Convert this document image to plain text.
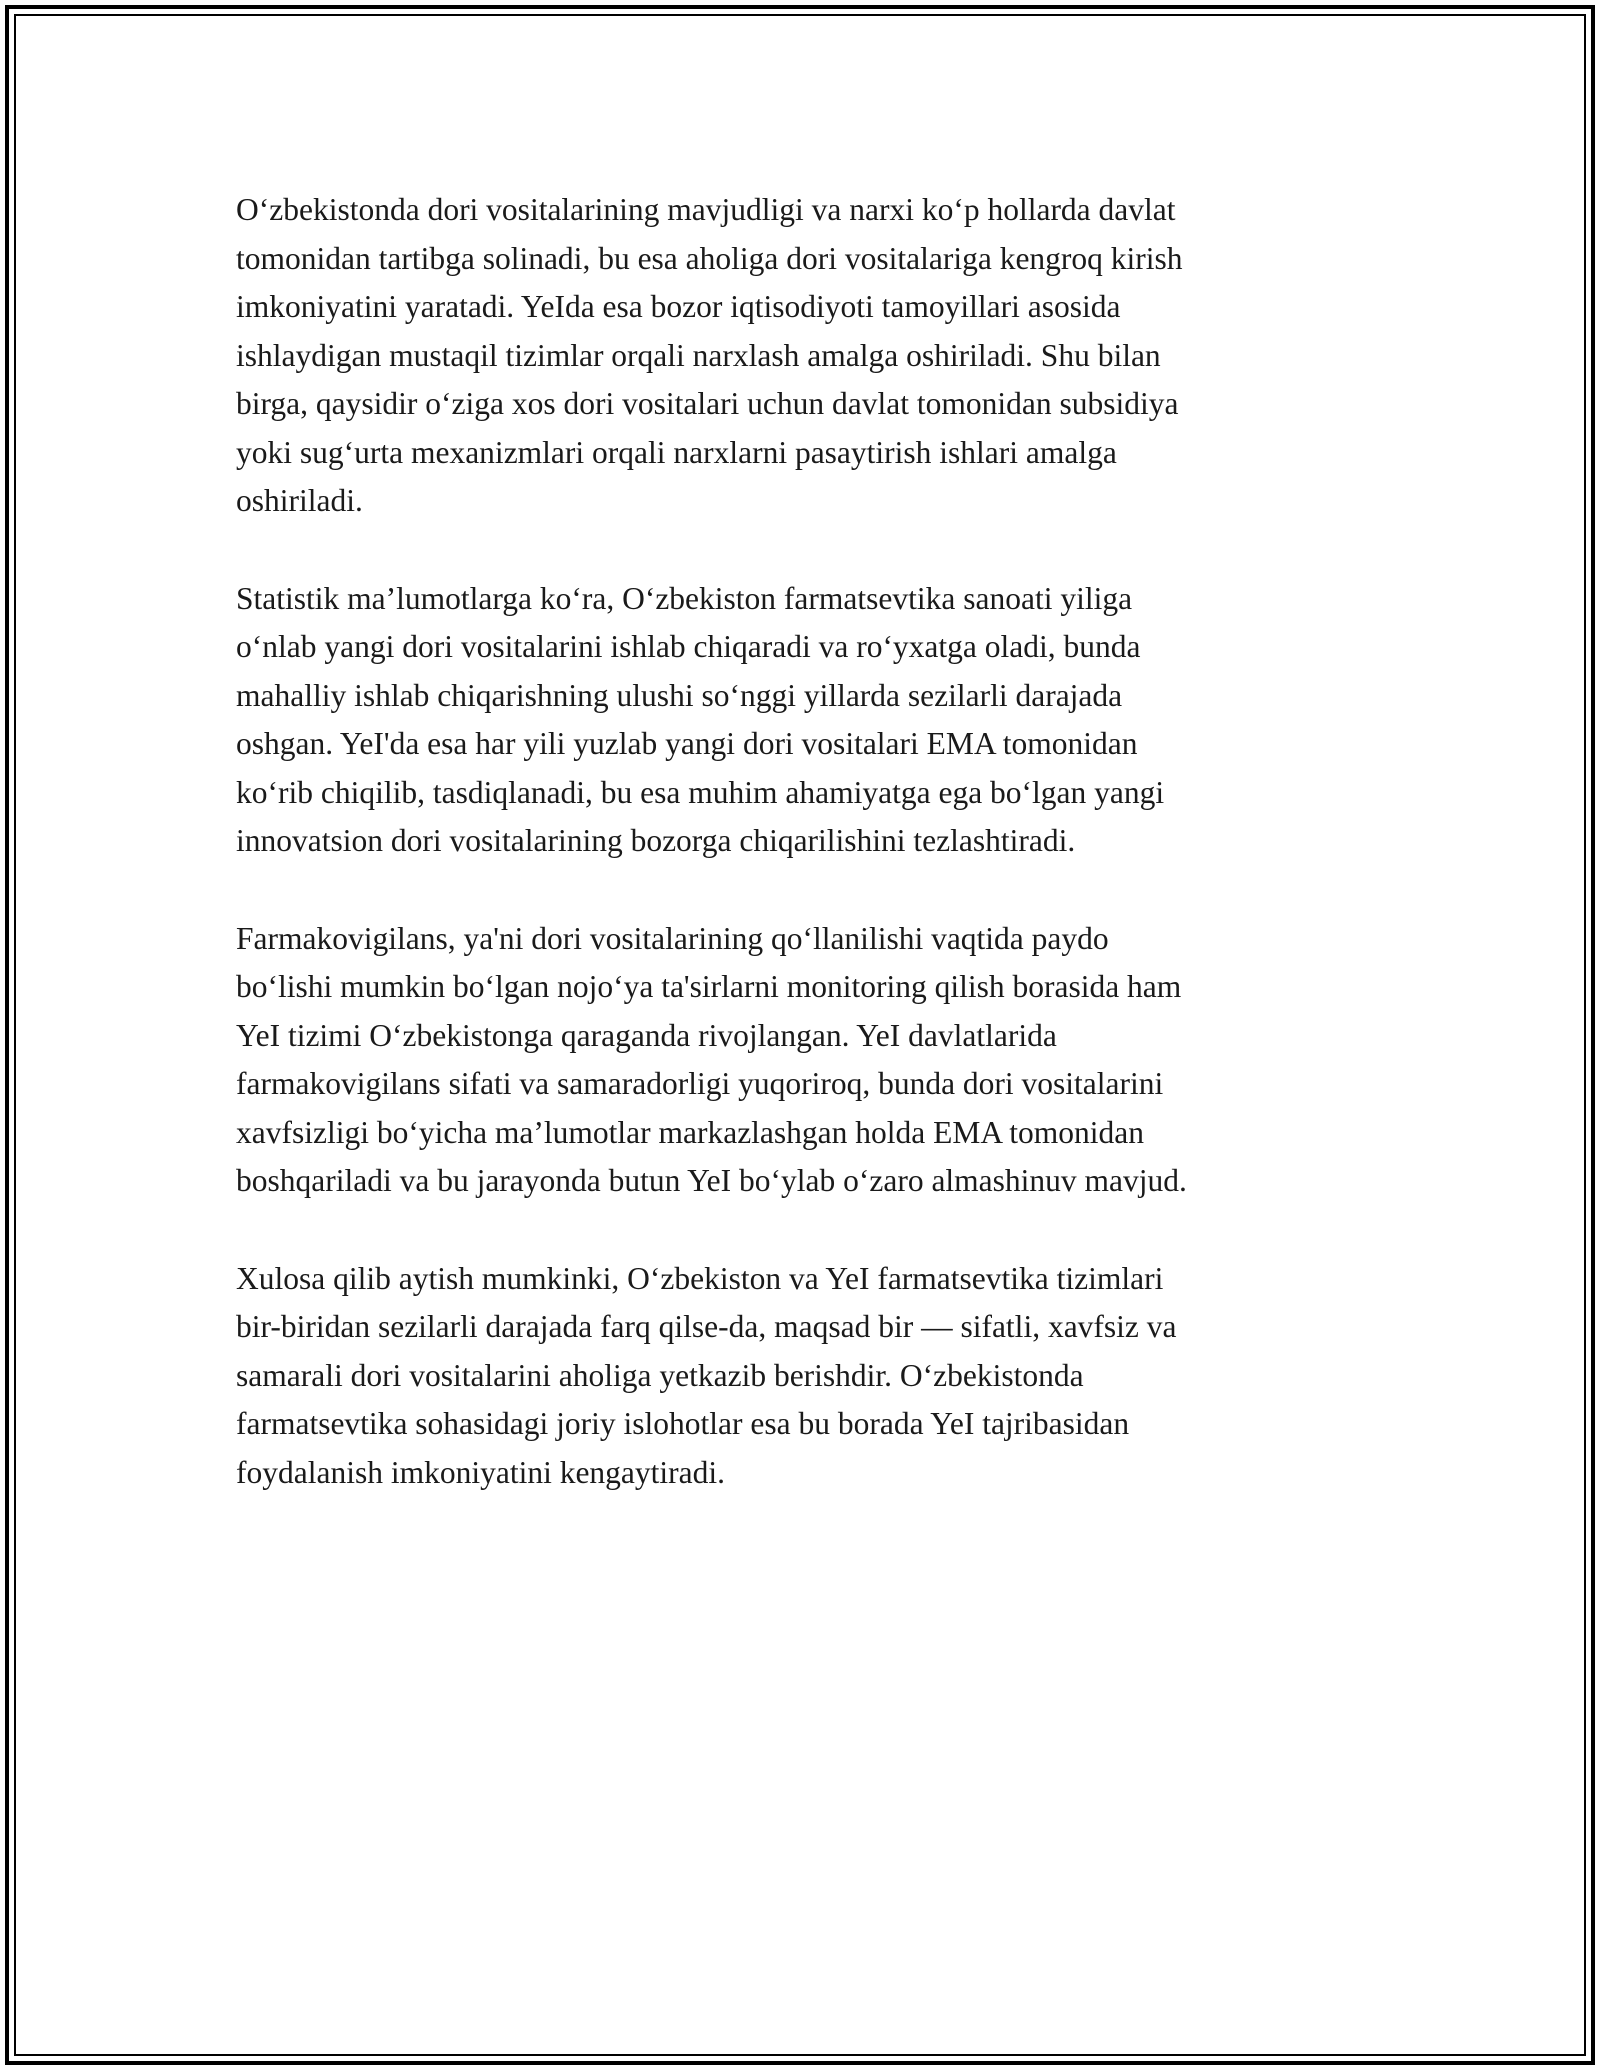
O‘zbekistonda dori vositalarining mavjudligi va narxi ko‘p hollarda davlat
tomonidan tartibga solinadi, bu esa aholiga dori vositalariga kengroq kirish
imkoniyatini yaratadi. YeIda esa bozor iqtisodiyoti tamoyillari asosida
ishlaydigan mustaqil tizimlar orqali narxlash amalga oshiriladi. Shu bilan
birga, qaysidir o‘ziga xos dori vositalari uchun davlat tomonidan subsidiya
yoki sug‘urta mexanizmlari orqali narxlarni pasaytirish ishlari amalga
oshiriladi.

Statistik ma’lumotlarga ko‘ra, O‘zbekiston farmatsevtika sanoati yiliga
o‘nlab yangi dori vositalarini ishlab chiqaradi va ro‘yxatga oladi, bunda
mahalliy ishlab chiqarishning ulushi so‘nggi yillarda sezilarli darajada
oshgan. YeI'da esa har yili yuzlab yangi dori vositalari EMA tomonidan
ko‘rib chiqilib, tasdiqlanadi, bu esa muhim ahamiyatga ega bo‘lgan yangi
innovatsion dori vositalarining bozorga chiqarilishini tezlashtiradi.

Farmakovigilans, ya'ni dori vositalarining qo‘llanilishi vaqtida paydo
bo‘lishi mumkin bo‘lgan nojo‘ya ta'sirlarni monitoring qilish borasida ham
YeI tizimi O‘zbekistonga qaraganda rivojlangan. YeI davlatlarida
farmakovigilans sifati va samaradorligi yuqoriroq, bunda dori vositalarini
xavfsizligi bo‘yicha ma’lumotlar markazlashgan holda EMA tomonidan
boshqariladi va bu jarayonda butun YeI bo‘ylab o‘zaro almashinuv mavjud.

Xulosa qilib aytish mumkinki, O‘zbekiston va YeI farmatsevtika tizimlari
bir-biridan sezilarli darajada farq qilse-da, maqsad bir — sifatli, xavfsiz va
samarali dori vositalarini aholiga yetkazib berishdir. O‘zbekistonda
farmatsevtika sohasidagi joriy islohotlar esa bu borada YeI tajribasidan
foydalanish imkoniyatini kengaytiradi.
